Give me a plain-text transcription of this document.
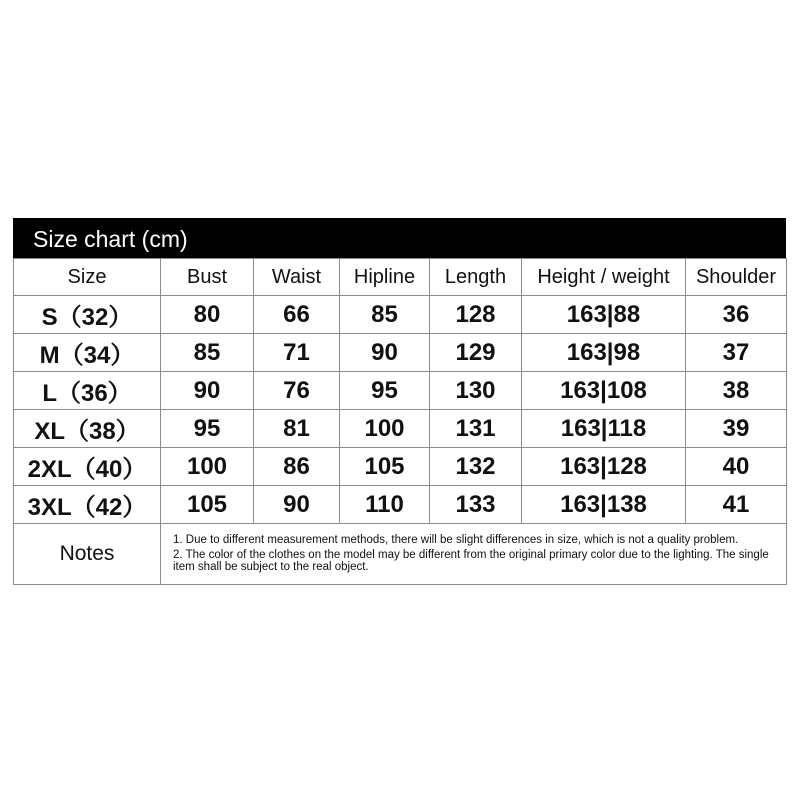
Size chart (cm)
Size	Bust	Waist	Hipline	Length	Height / weight	Shoulder
S（32）	80	66	85	128	163|88	36
M（34）	85	71	90	129	163|98	37
L（36）	90	76	95	130	163|108	38
XL（38）	95	81	100	131	163|118	39
2XL（40）	100	86	105	132	163|128	40
3XL（42）	105	90	110	133	163|138	41
Notes	1. Due to different measurement methods, there will be slight differences in size, which is not a quality problem.
2. The color of the clothes on the model may be different from the original primary color due to the lighting. The single item shall be subject to the real object.					
